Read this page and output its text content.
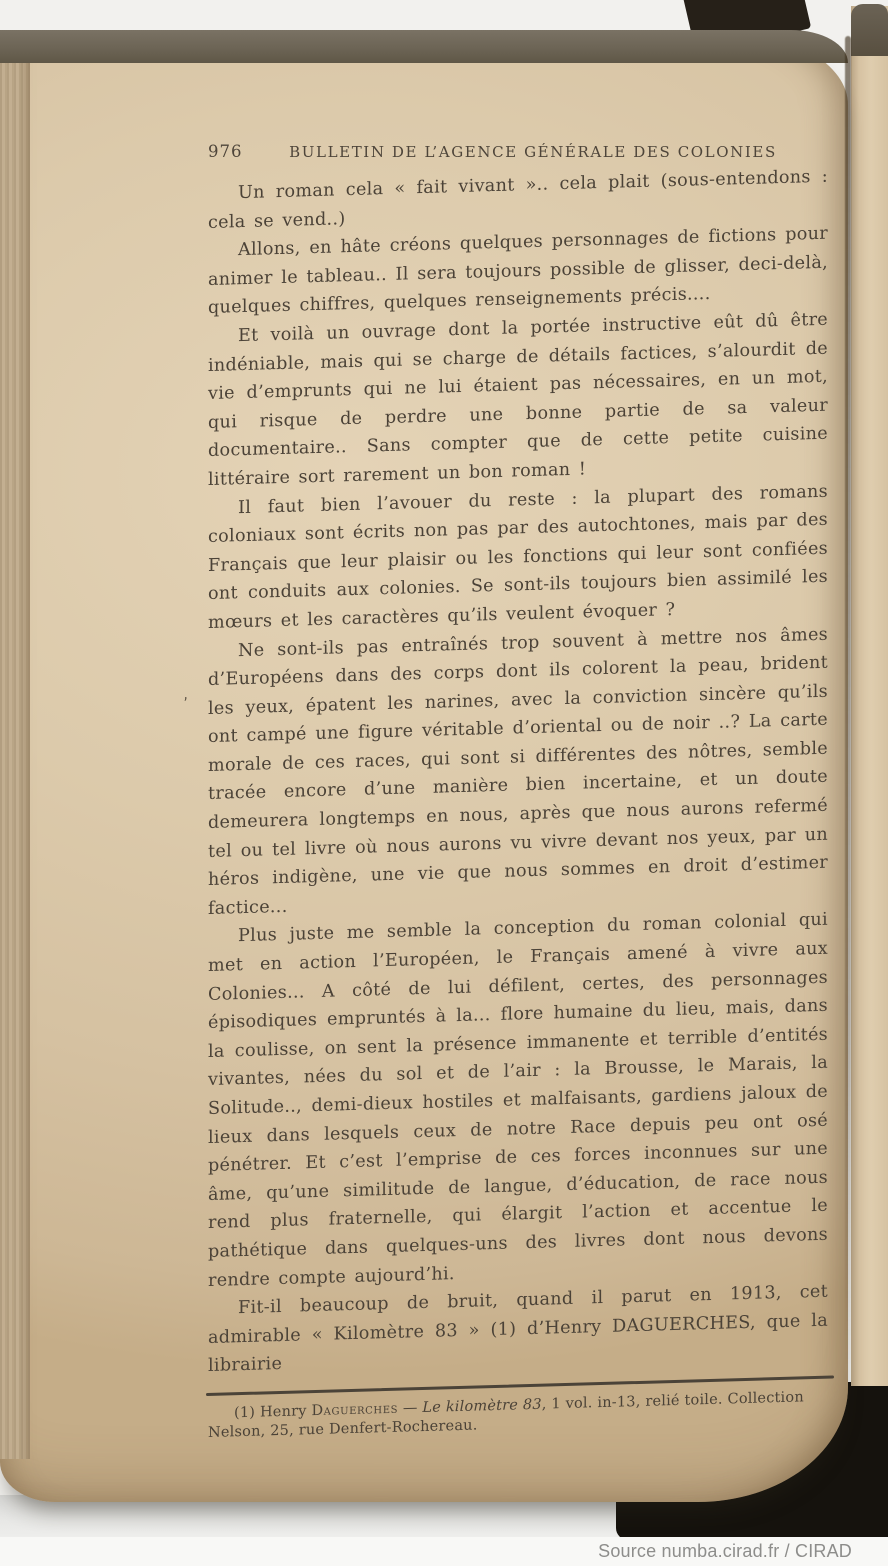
976	BULLETIN DE L’AGENCE GÉNÉRALE DES COLONIES
’

Un roman cela « fait vivant ».. cela plait (sous-entendons : cela se vend..)

Allons, en hâte créons quelques personnages de fictions pour animer le tableau.. Il sera toujours possible de glisser, deci-delà, quelques chiffres, quelques renseignements précis....

Et voilà un ouvrage dont la portée instructive eût dû être indéniable, mais qui se charge de détails factices, s’alourdit de vie d’emprunts qui ne lui étaient pas nécessaires, en un mot, qui risque de perdre une bonne partie de sa valeur documentaire.. Sans compter que de cette petite cuisine littéraire sort rarement un bon roman !

Il faut bien l’avouer du reste : la plupart des romans coloniaux sont écrits non pas par des autochtones, mais par des Français que leur plaisir ou les fonctions qui leur sont confiées ont conduits aux colonies. Se sont-ils toujours bien assimilé les mœurs et les caractères qu’ils veulent évoquer ?

Ne sont-ils pas entraînés trop souvent à mettre nos âmes d’Européens dans des corps dont ils colorent la peau, brident les yeux, épatent les narines, avec la conviction sincère qu’ils ont campé une figure véritable d’oriental ou de noir ..? La carte morale de ces races, qui sont si différentes des nôtres, semble tracée encore d’une manière bien incertaine, et un doute demeurera longtemps en nous, après que nous aurons refermé tel ou tel livre où nous aurons vu vivre devant nos yeux, par un héros indigène, une vie que nous sommes en droit d’estimer factice...

Plus juste me semble la conception du roman colonial qui met en action l’Européen, le Français amené à vivre aux Colonies... A côté de lui défilent, certes, des personnages épisodiques empruntés à la... flore humaine du lieu, mais, dans la coulisse, on sent la présence immanente et terrible d’entités vivantes, nées du sol et de l’air : la Brousse, le Marais, la Solitude.., demi-dieux hostiles et malfaisants, gardiens jaloux de lieux dans lesquels ceux de notre Race depuis peu ont osé pénétrer. Et c’est l’emprise de ces forces inconnues sur une âme, qu’une similitude de langue, d’éducation, de race nous rend plus fraternelle, qui élargit l’action et accentue le pathétique dans quelques-uns des livres dont nous devons rendre compte aujourd’hi.

Fit-il beaucoup de bruit, quand il parut en 1913, cet admirable « Kilomètre 83 » (1) d’Henry DAGUERCHES, que la librairie

(1) Henry Daguerches — Le kilomètre 83, 1 vol. in-13, relié toile. Collection Nelson, 25, rue Denfert-Rochereau.

Source numba.cirad.fr / CIRAD
